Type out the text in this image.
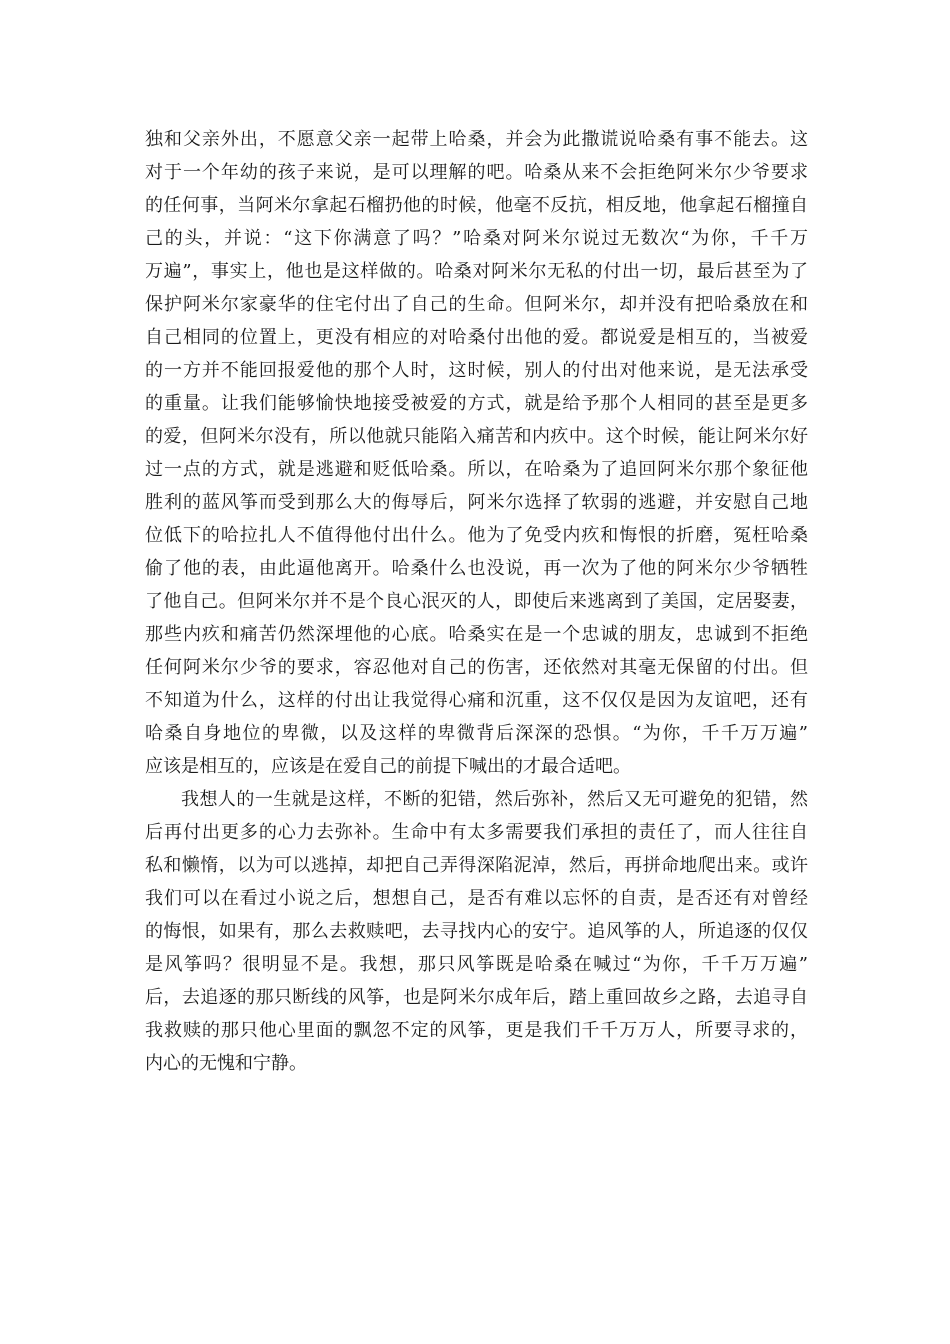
独和父亲外出，不愿意父亲一起带上哈桑，并会为此撒谎说哈桑有事不能去。这
对于一个年幼的孩子来说，是可以理解的吧。哈桑从来不会拒绝阿米尔少爷要求
的任何事，当阿米尔拿起石榴扔他的时候，他毫不反抗，相反地，他拿起石榴撞自
己的头，并说：“这下你满意了吗？”哈桑对阿米尔说过无数次“为你，千千万
万遍”，事实上，他也是这样做的。哈桑对阿米尔无私的付出一切，最后甚至为了
保护阿米尔家豪华的住宅付出了自己的生命。但阿米尔，却并没有把哈桑放在和
自己相同的位置上，更没有相应的对哈桑付出他的爱。都说爱是相互的，当被爱
的一方并不能回报爱他的那个人时，这时候，别人的付出对他来说，是无法承受
的重量。让我们能够愉快地接受被爱的方式，就是给予那个人相同的甚至是更多
的爱，但阿米尔没有，所以他就只能陷入痛苦和内疚中。这个时候，能让阿米尔好
过一点的方式，就是逃避和贬低哈桑。所以，在哈桑为了追回阿米尔那个象征他
胜利的蓝风筝而受到那么大的侮辱后，阿米尔选择了软弱的逃避，并安慰自己地
位低下的哈拉扎人不值得他付出什么。他为了免受内疚和悔恨的折磨，冤枉哈桑
偷了他的表，由此逼他离开。哈桑什么也没说，再一次为了他的阿米尔少爷牺牲
了他自己。但阿米尔并不是个良心泯灭的人，即使后来逃离到了美国，定居娶妻，
那些内疚和痛苦仍然深埋他的心底。哈桑实在是一个忠诚的朋友，忠诚到不拒绝
任何阿米尔少爷的要求，容忍他对自己的伤害，还依然对其毫无保留的付出。但
不知道为什么，这样的付出让我觉得心痛和沉重，这不仅仅是因为友谊吧，还有
哈桑自身地位的卑微，以及这样的卑微背后深深的恐惧。“为你，千千万万遍”
应该是相互的，应该是在爱自己的前提下喊出的才最合适吧。
我想人的一生就是这样，不断的犯错，然后弥补，然后又无可避免的犯错，然
后再付出更多的心力去弥补。生命中有太多需要我们承担的责任了，而人往往自
私和懒惰，以为可以逃掉，却把自己弄得深陷泥淖，然后，再拼命地爬出来。或许
我们可以在看过小说之后，想想自己，是否有难以忘怀的自责，是否还有对曾经
的悔恨，如果有，那么去救赎吧，去寻找内心的安宁。追风筝的人，所追逐的仅仅
是风筝吗？很明显不是。我想，那只风筝既是哈桑在喊过“为你，千千万万遍”
后，去追逐的那只断线的风筝，也是阿米尔成年后，踏上重回故乡之路，去追寻自
我救赎的那只他心里面的飘忽不定的风筝，更是我们千千万万人，所要寻求的，
内心的无愧和宁静。
